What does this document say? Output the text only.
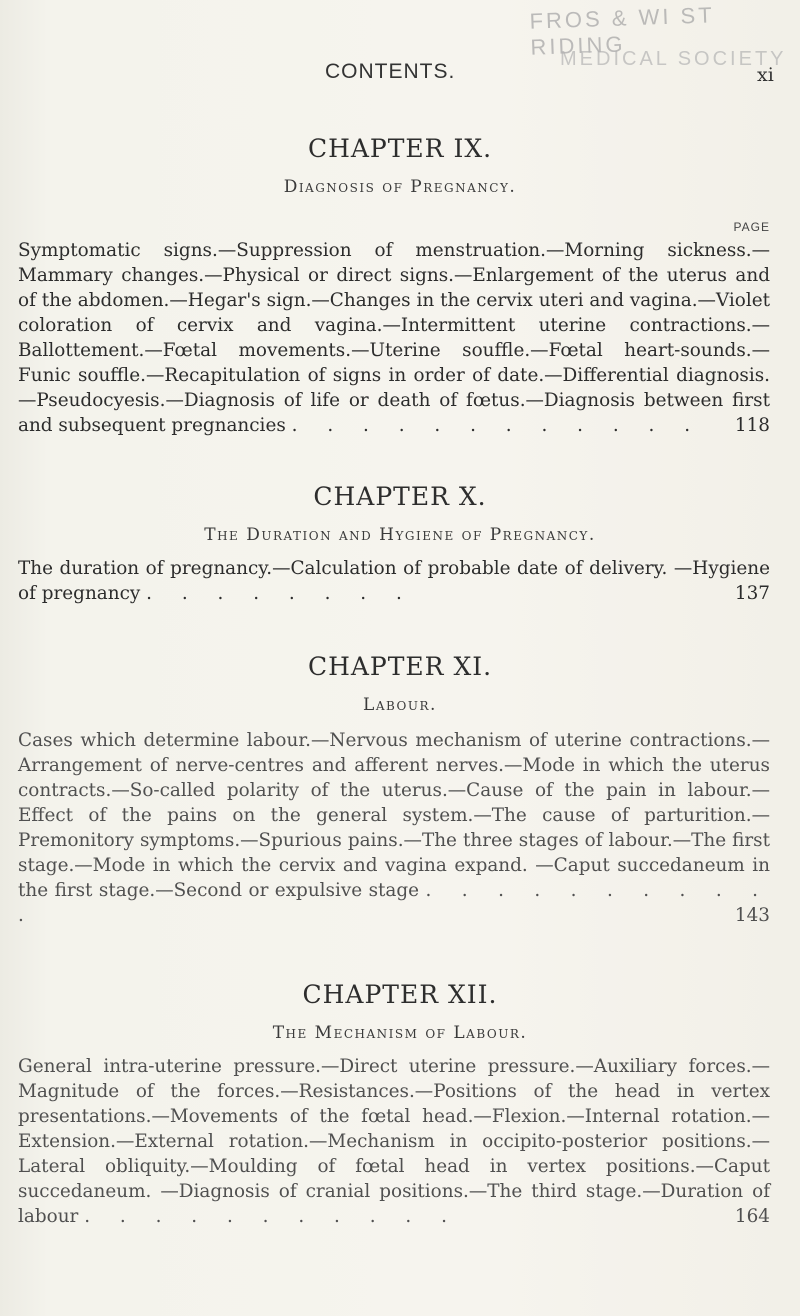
FROS & WI ST RIDING
MEDICAL SOCIETY
CONTENTS.	xi
CHAPTER IX.
Diagnosis of Pregnancy.
PAGE
Symptomatic signs.—Suppression of menstruation.—Morning sickness.—Mammary changes.—Physical or direct signs.—Enlargement of the uterus and of the abdomen.—Hegar's sign.—Changes in the cervix uteri and vagina.—Violet coloration of cervix and vagina.—Intermittent uterine contractions.—Ballottement.—Fœtal movements.—Uterine souffle.—Fœtal heart-sounds.—Funic souffle.—Recapitulation of signs in order of date.—Differential diagnosis.—Pseudocyesis.—Diagnosis of life or death of fœtus.—Diagnosis between first and subsequent pregnancies . . . . . . . . . . . .	118
CHAPTER X.
The Duration and Hygiene of Pregnancy.
The duration of pregnancy.—Calculation of probable date of delivery. —Hygiene of pregnancy . . . . . . . .	137
CHAPTER XI.
Labour.
Cases which determine labour.—Nervous mechanism of uterine contractions.—Arrangement of nerve-centres and afferent nerves.—Mode in which the uterus contracts.—So-called polarity of the uterus.—Cause of the pain in labour.—Effect of the pains on the general system.—The cause of parturition.—Premonitory symptoms.—Spurious pains.—The three stages of labour.—The first stage.—Mode in which the cervix and vagina expand. —Caput succedaneum in the first stage.—Second or expulsive stage . . . . . . . . . . .	143
CHAPTER XII.
The Mechanism of Labour.
General intra-uterine pressure.—Direct uterine pressure.—Auxiliary forces.—Magnitude of the forces.—Resistances.—Positions of the head in vertex presentations.—Movements of the fœtal head.—Flexion.—Internal rotation.—Extension.—External rotation.—Mechanism in occipito-posterior positions.—Lateral obliquity.—Moulding of fœtal head in vertex positions.—Caput succedaneum. —Diagnosis of cranial positions.—The third stage.—Duration of labour . . . . . . . . . . .	164
